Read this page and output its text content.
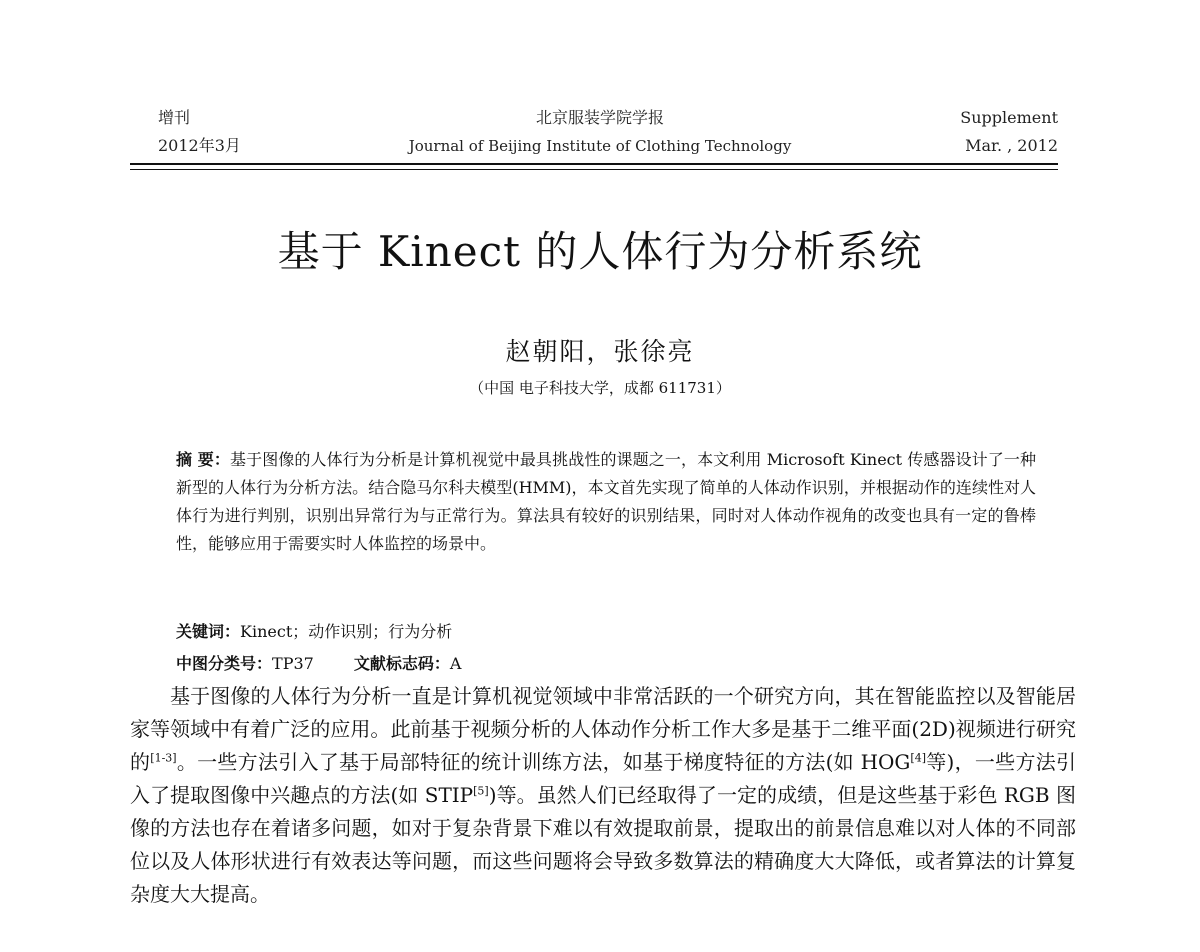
增刊
2012年3月
北京服装学院学报
Journal of Beijing Institute of Clothing Technology
Supplement
Mar. , 2012
基于 Kinect 的人体行为分析系统
赵朝阳，张徐亮
（中国 电子科技大学，成都 611731）
摘 要：基于图像的人体行为分析是计算机视觉中最具挑战性的课题之一，本文利用 Microsoft Kinect 传感器设计了一种新型的人体行为分析方法。结合隐马尔科夫模型(HMM)，本文首先实现了简单的人体动作识别，并根据动作的连续性对人体行为进行判别，识别出异常行为与正常行为。算法具有较好的识别结果，同时对人体动作视角的改变也具有一定的鲁棒性，能够应用于需要实时人体监控的场景中。
关键词：Kinect；动作识别；行为分析
中图分类号：TP37	文献标志码：A
基于图像的人体行为分析一直是计算机视觉领域中非常活跃的一个研究方向，其在智能监控以及智能居家等领域中有着广泛的应用。此前基于视频分析的人体动作分析工作大多是基于二维平面(2D)视频进行研究的[1-3]。一些方法引入了基于局部特征的统计训练方法，如基于梯度特征的方法(如 HOG[4]等)，一些方法引入了提取图像中兴趣点的方法(如 STIP[5])等。虽然人们已经取得了一定的成绩，但是这些基于彩色 RGB 图像的方法也存在着诸多问题，如对于复杂背景下难以有效提取前景，提取出的前景信息难以对人体的不同部位以及人体形状进行有效表达等问题，而这些问题将会导致多数算法的精确度大大降低，或者算法的计算复杂度大大提高。
